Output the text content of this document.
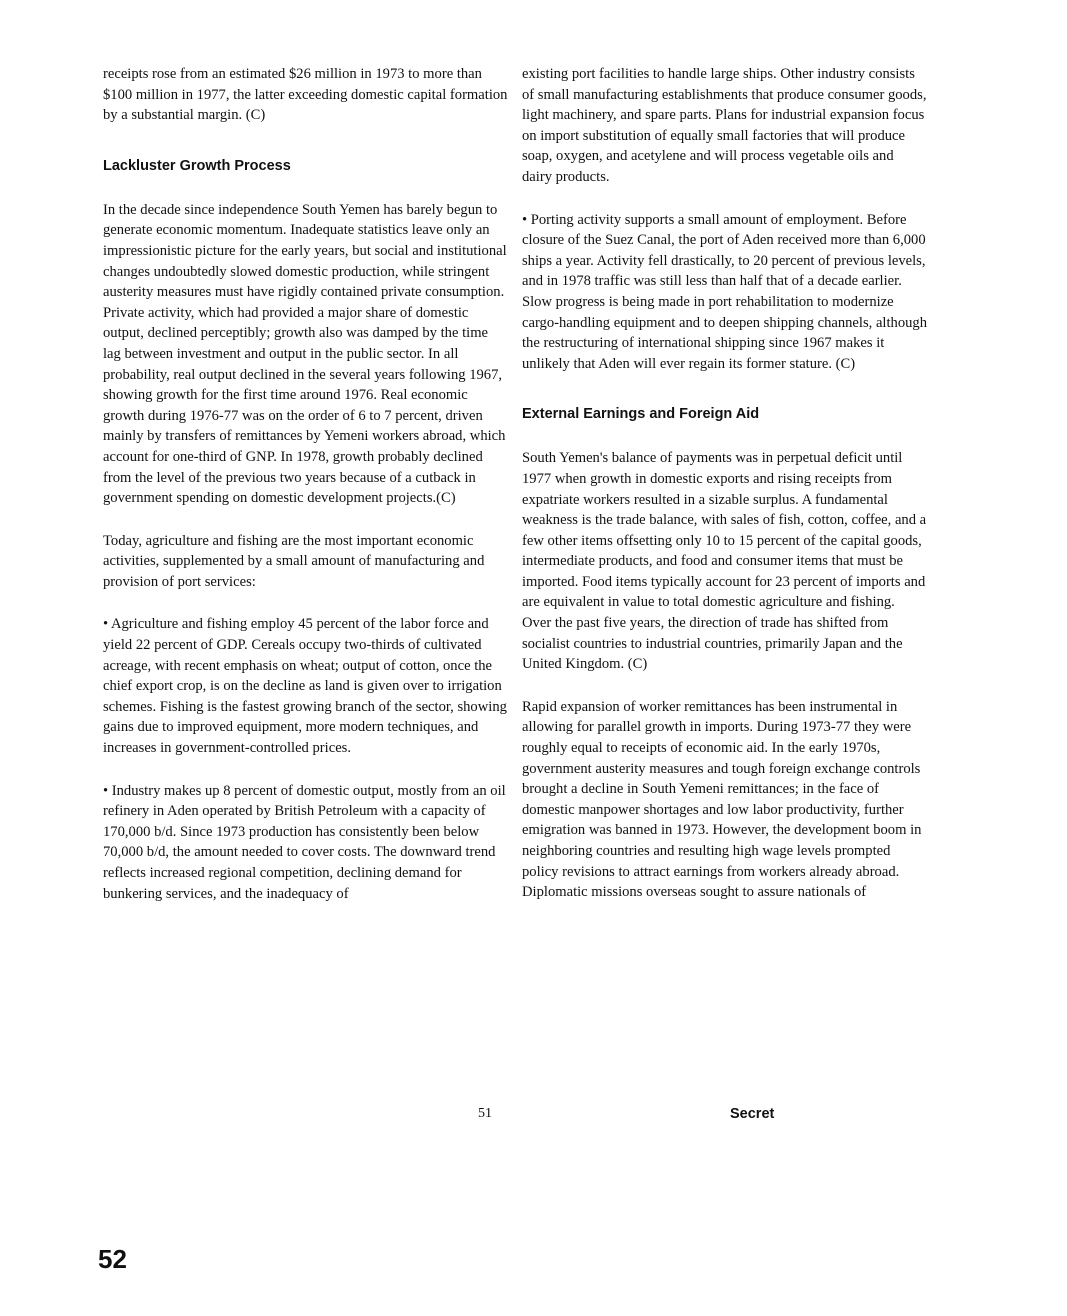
receipts rose from an estimated $26 million in 1973 to more than $100 million in 1977, the latter exceeding domestic capital formation by a substantial margin. (C)

Lackluster Growth Process

In the decade since independence South Yemen has barely begun to generate economic momentum. Inadequate statistics leave only an impressionistic picture for the early years, but social and institutional changes undoubtedly slowed domestic production, while stringent austerity measures must have rigidly contained private consumption. Private activity, which had provided a major share of domestic output, declined perceptibly; growth also was damped by the time lag between investment and output in the public sector. In all probability, real output declined in the several years following 1967, showing growth for the first time around 1976. Real economic growth during 1976-77 was on the order of 6 to 7 percent, driven mainly by transfers of remittances by Yemeni workers abroad, which account for one-third of GNP. In 1978, growth probably declined from the level of the previous two years because of a cutback in government spending on domestic development projects.(C)

Today, agriculture and fishing are the most important economic activities, supplemented by a small amount of manufacturing and provision of port services:

• Agriculture and fishing employ 45 percent of the labor force and yield 22 percent of GDP. Cereals occupy two-thirds of cultivated acreage, with recent emphasis on wheat; output of cotton, once the chief export crop, is on the decline as land is given over to irrigation schemes. Fishing is the fastest growing branch of the sector, showing gains due to improved equipment, more modern techniques, and increases in government-controlled prices.

• Industry makes up 8 percent of domestic output, mostly from an oil refinery in Aden operated by British Petroleum with a capacity of 170,000 b/d. Since 1973 production has consistently been below 70,000 b/d, the amount needed to cover costs. The downward trend reflects increased regional competition, declining demand for bunkering services, and the inadequacy of

existing port facilities to handle large ships. Other industry consists of small manufacturing establishments that produce consumer goods, light machinery, and spare parts. Plans for industrial expansion focus on import substitution of equally small factories that will produce soap, oxygen, and acetylene and will process vegetable oils and dairy products.

• Porting activity supports a small amount of employment. Before closure of the Suez Canal, the port of Aden received more than 6,000 ships a year. Activity fell drastically, to 20 percent of previous levels, and in 1978 traffic was still less than half that of a decade earlier. Slow progress is being made in port rehabilitation to modernize cargo-handling equipment and to deepen shipping channels, although the restructuring of international shipping since 1967 makes it unlikely that Aden will ever regain its former stature. (C)

External Earnings and Foreign Aid

South Yemen's balance of payments was in perpetual deficit until 1977 when growth in domestic exports and rising receipts from expatriate workers resulted in a sizable surplus. A fundamental weakness is the trade balance, with sales of fish, cotton, coffee, and a few other items offsetting only 10 to 15 percent of the capital goods, intermediate products, and food and consumer items that must be imported. Food items typically account for 23 percent of imports and are equivalent in value to total domestic agriculture and fishing. Over the past five years, the direction of trade has shifted from socialist countries to industrial countries, primarily Japan and the United Kingdom. (C)

Rapid expansion of worker remittances has been instrumental in allowing for parallel growth in imports. During 1973-77 they were roughly equal to receipts of economic aid. In the early 1970s, government austerity measures and tough foreign exchange controls brought a decline in South Yemeni remittances; in the face of domestic manpower shortages and low labor productivity, further emigration was banned in 1973. However, the development boom in neighboring countries and resulting high wage levels prompted policy revisions to attract earnings from workers already abroad. Diplomatic missions overseas sought to assure nationals of

51	Secret
52
